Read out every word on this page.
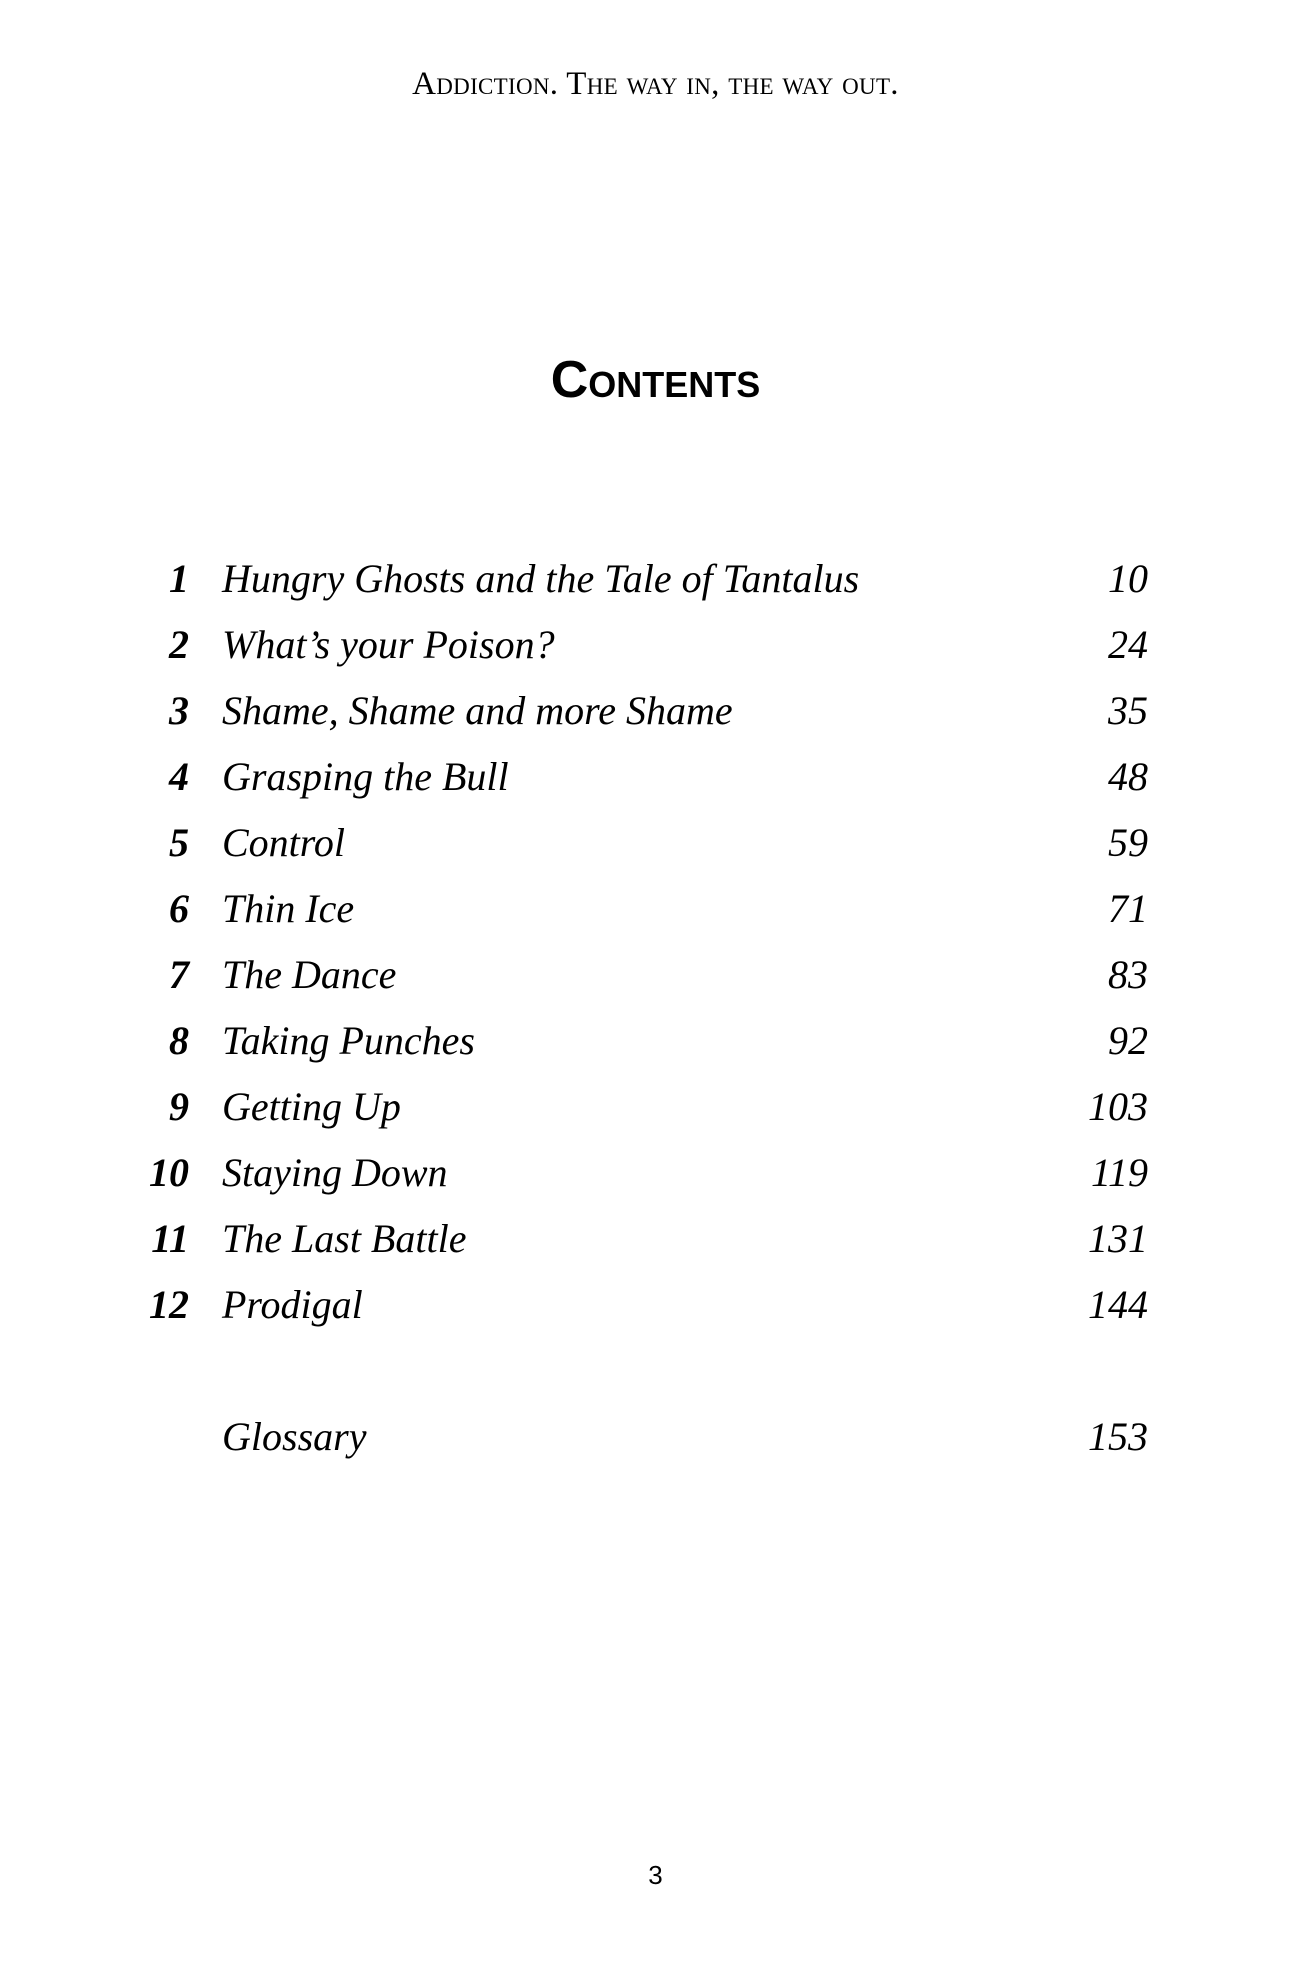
Addiction. The way in, the way out.

Contents
1 Hungry Ghosts and the Tale of Tantalus	10
2 What’s your Poison?	24
3 Shame, Shame and more Shame	35
4 Grasping the Bull	48
5 Control	59
6 Thin Ice	71
7 The Dance	83
8 Taking Punches	92
9 Getting Up	103
10 Staying Down	119
11 The Last Battle	131
12 Prodigal	144
Glossary	153

3
